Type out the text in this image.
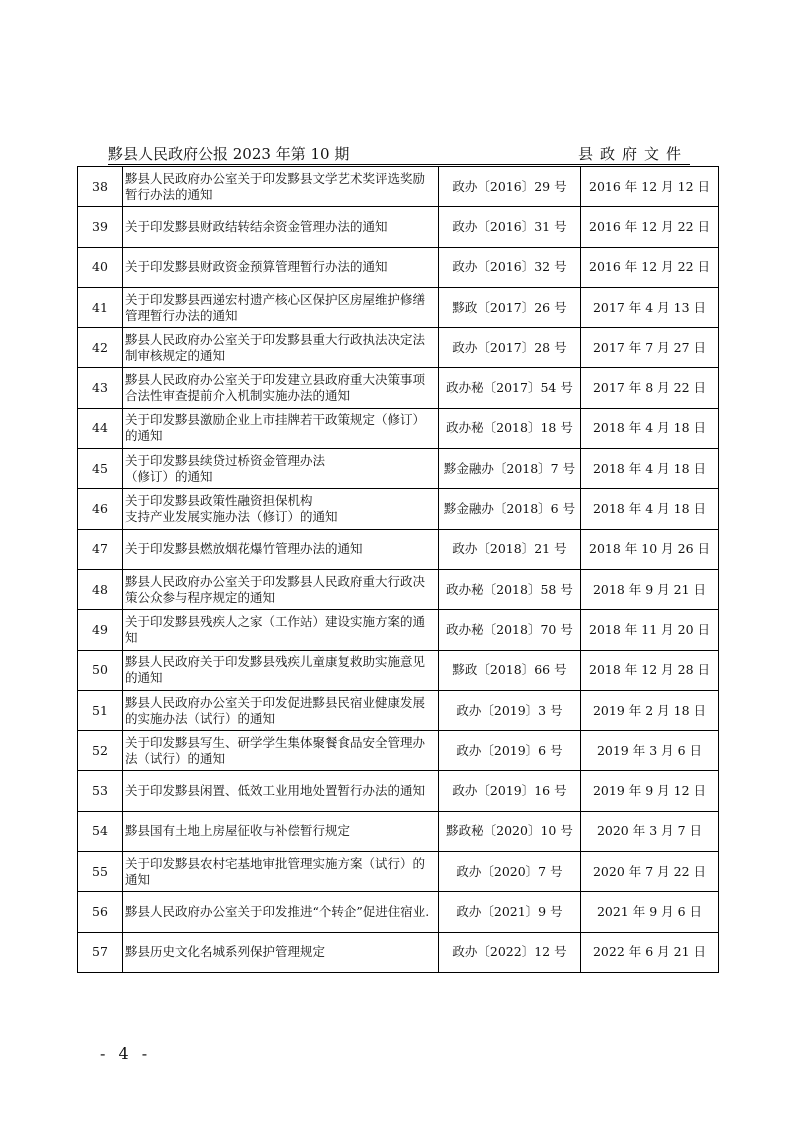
黟县人民政府公报 2023 年第 10 期	县政府文件
38	黟县人民政府办公室关于印发黟县文学艺术奖评选奖励暂行办法的通知	政办〔2016〕29 号	2016 年 12 月 12 日
39	关于印发黟县财政结转结余资金管理办法的通知	政办〔2016〕31 号	2016 年 12 月 22 日
40	关于印发黟县财政资金预算管理暂行办法的通知	政办〔2016〕32 号	2016 年 12 月 22 日
41	关于印发黟县西递宏村遗产核心区保护区房屋维护修缮管理暂行办法的通知	黟政〔2017〕26 号	2017 年 4 月 13 日
42	黟县人民政府办公室关于印发黟县重大行政执法决定法制审核规定的通知	政办〔2017〕28 号	2017 年 7 月 27 日
43	黟县人民政府办公室关于印发建立县政府重大决策事项合法性审查提前介入机制实施办法的通知	政办秘〔2017〕54 号	2017 年 8 月 22 日
44	关于印发黟县激励企业上市挂牌若干政策规定（修订）的通知	政办秘〔2018〕18 号	2018 年 4 月 18 日
45	关于印发黟县续贷过桥资金管理办法
（修订）的通知	黟金融办〔2018〕7 号	2018 年 4 月 18 日
46	关于印发黟县政策性融资担保机构
支持产业发展实施办法（修订）的通知	黟金融办〔2018〕6 号	2018 年 4 月 18 日
47	关于印发黟县燃放烟花爆竹管理办法的通知	政办〔2018〕21 号	2018 年 10 月 26 日
48	黟县人民政府办公室关于印发黟县人民政府重大行政决策公众参与程序规定的通知	政办秘〔2018〕58 号	2018 年 9 月 21 日
49	关于印发黟县残疾人之家（工作站）建设实施方案的通知	政办秘〔2018〕70 号	2018 年 11 月 20 日
50	黟县人民政府关于印发黟县残疾儿童康复救助实施意见的通知	黟政〔2018〕66 号	2018 年 12 月 28 日
51	黟县人民政府办公室关于印发促进黟县民宿业健康发展的实施办法（试行）的通知	政办〔2019〕3 号	2019 年 2 月 18 日
52	关于印发黟县写生、研学学生集体聚餐食品安全管理办法（试行）的通知	政办〔2019〕6 号	2019 年 3 月 6 日
53	关于印发黟县闲置、低效工业用地处置暂行办法的通知	政办〔2019〕16 号	2019 年 9 月 12 日
54	黟县国有土地上房屋征收与补偿暂行规定	黟政秘〔2020〕10 号	2020 年 3 月 7 日
55	关于印发黟县农村宅基地审批管理实施方案（试行）的通知	政办〔2020〕7 号	2020 年 7 月 22 日
56	黟县人民政府办公室关于印发推进“个转企”促进住宿业.	政办〔2021〕9 号	2021 年 9 月 6 日
57	黟县历史文化名城系列保护管理规定	政办〔2022〕12 号	2022 年 6 月 21 日
- 4 -
